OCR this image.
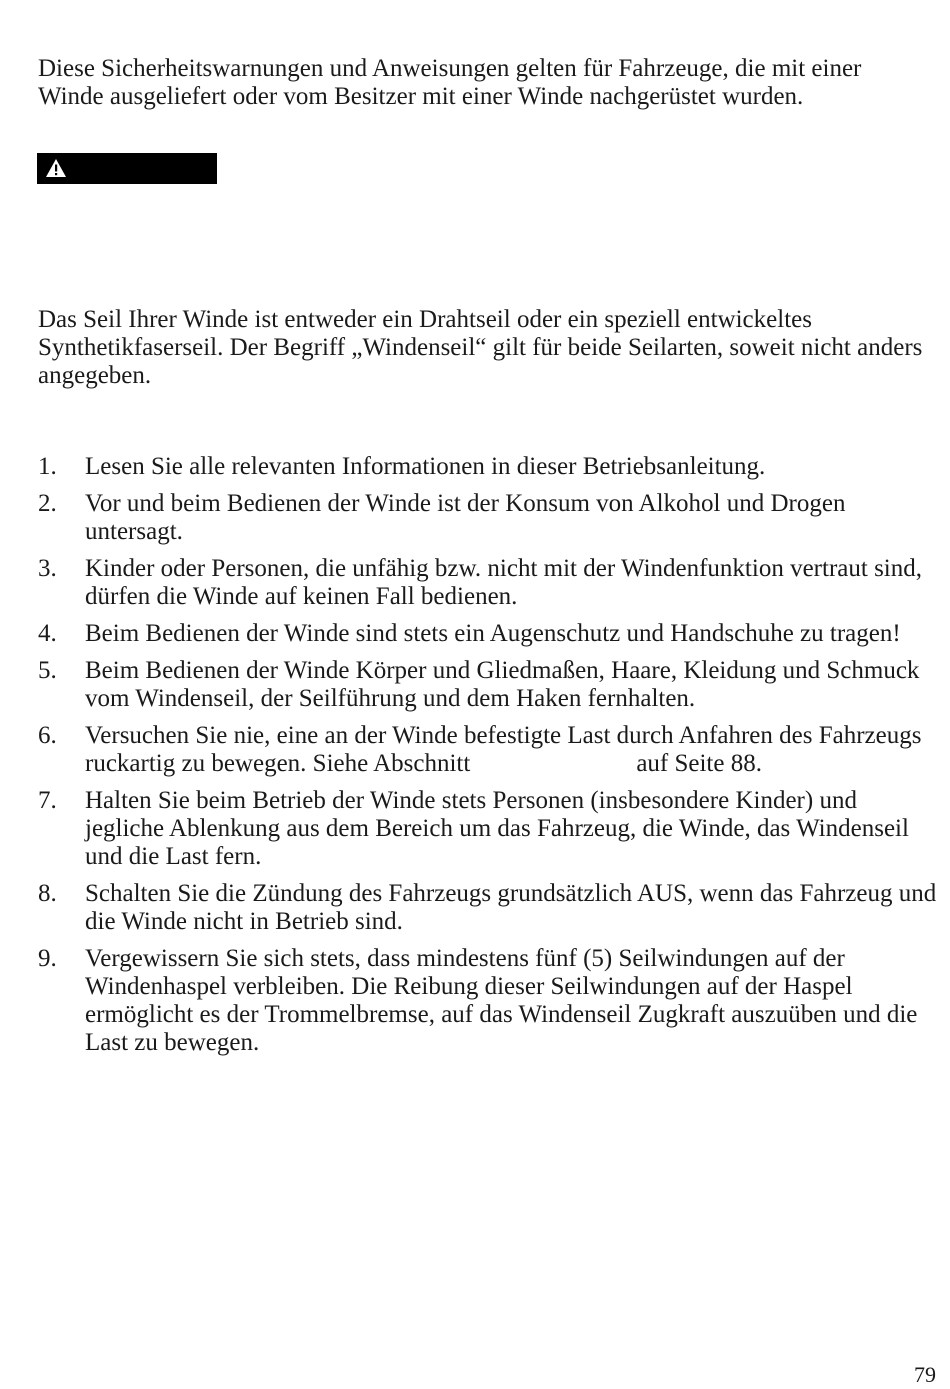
Diese Sicherheitswarnungen und Anweisungen gelten für Fahrzeuge, die mit einer Winde ausgeliefert oder vom Besitzer mit einer Winde nachgerüstet wurden.

Das Seil Ihrer Winde ist entweder ein Drahtseil oder ein speziell entwickeltes Synthetikfaserseil. Der Begriff „Windenseil“ gilt für beide Seilarten, soweit nicht anders angegeben.

1. Lesen Sie alle relevanten Informationen in dieser Betriebsanleitung.
2. Vor und beim Bedienen der Winde ist der Konsum von Alkohol und Drogen untersagt.
3. Kinder oder Personen, die unfähig bzw. nicht mit der Windenfunktion vertraut sind, dürfen die Winde auf keinen Fall bedienen.
4. Beim Bedienen der Winde sind stets ein Augenschutz und Handschuhe zu tragen!
5. Beim Bedienen der Winde Körper und Gliedmaßen, Haare, Kleidung und Schmuck vom Windenseil, der Seilführung und dem Haken fernhalten.
6. Versuchen Sie nie, eine an der Winde befestigte Last durch Anfahren des Fahrzeugs ruckartig zu bewegen. Siehe Abschnitt	auf Seite 88.
7. Halten Sie beim Betrieb der Winde stets Personen (insbesondere Kinder) und jegliche Ablenkung aus dem Bereich um das Fahrzeug, die Winde, das Windenseil und die Last fern.
8. Schalten Sie die Zündung des Fahrzeugs grundsätzlich AUS, wenn das Fahrzeug und die Winde nicht in Betrieb sind.
9. Vergewissern Sie sich stets, dass mindestens fünf (5) Seilwindungen auf der Windenhaspel verbleiben. Die Reibung dieser Seilwindungen auf der Haspel ermöglicht es der Trommelbremse, auf das Windenseil Zugkraft auszuüben und die Last zu bewegen.
79
